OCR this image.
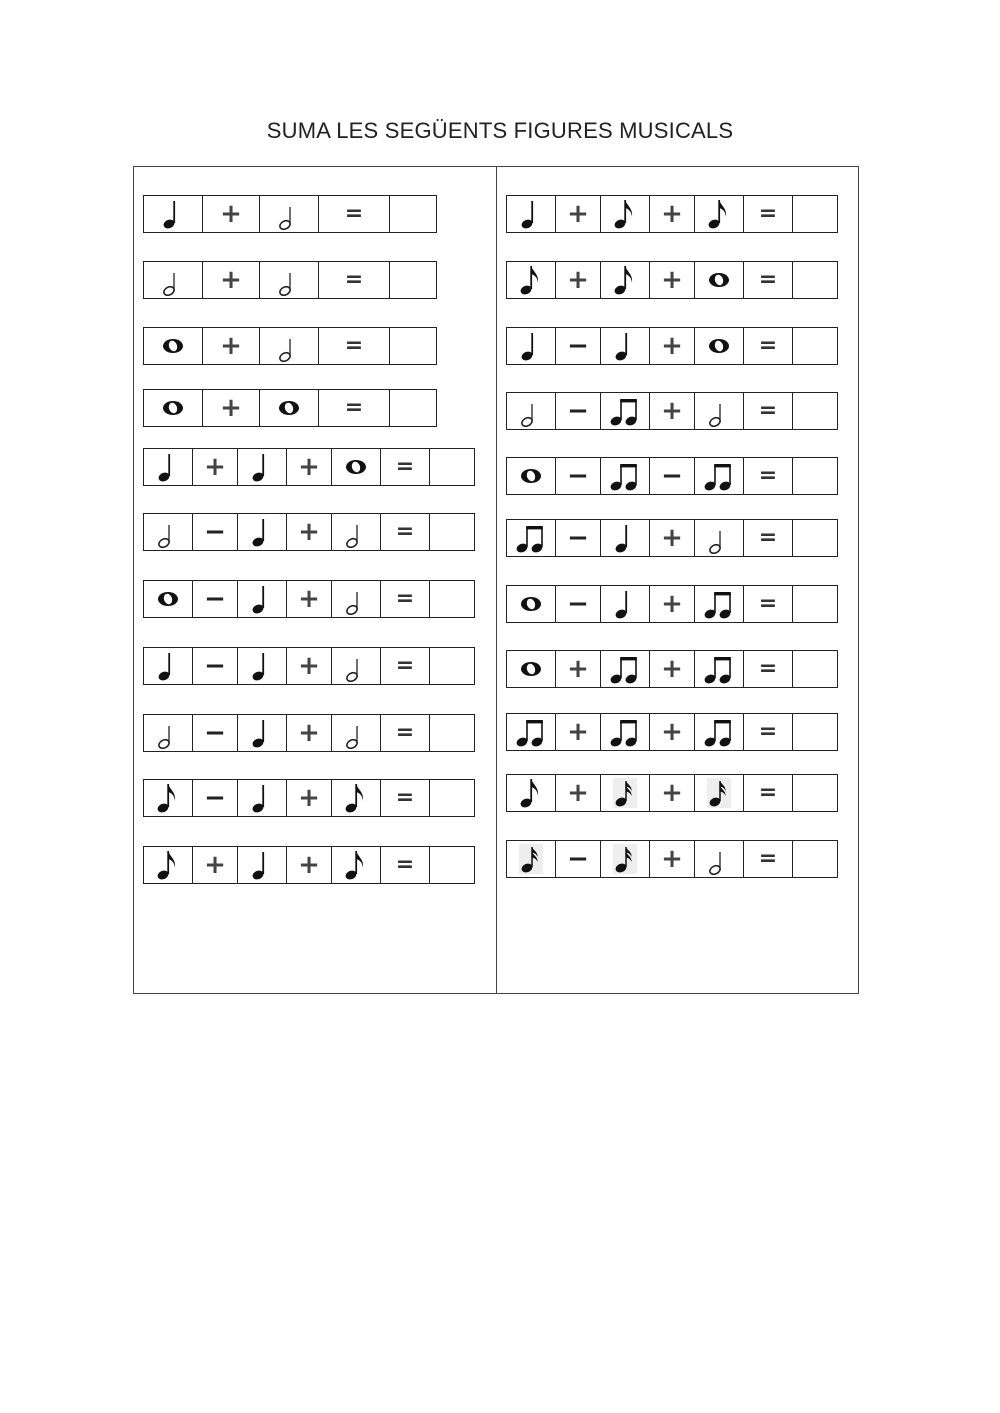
SUMA LES SEGÜENTS FIGURES MUSICALS
+	=
+	=
+	=
+	=
+	+	=
−	+	=
−	+	=
−	+	=
−	+	=
−	+	=
+	+	=
+	+	=
+	+	=
−	+	=
−	+	=
−	−	=
−	+	=
−	+	=
+	+	=
+	+	=
+	+	=
−	+	=
